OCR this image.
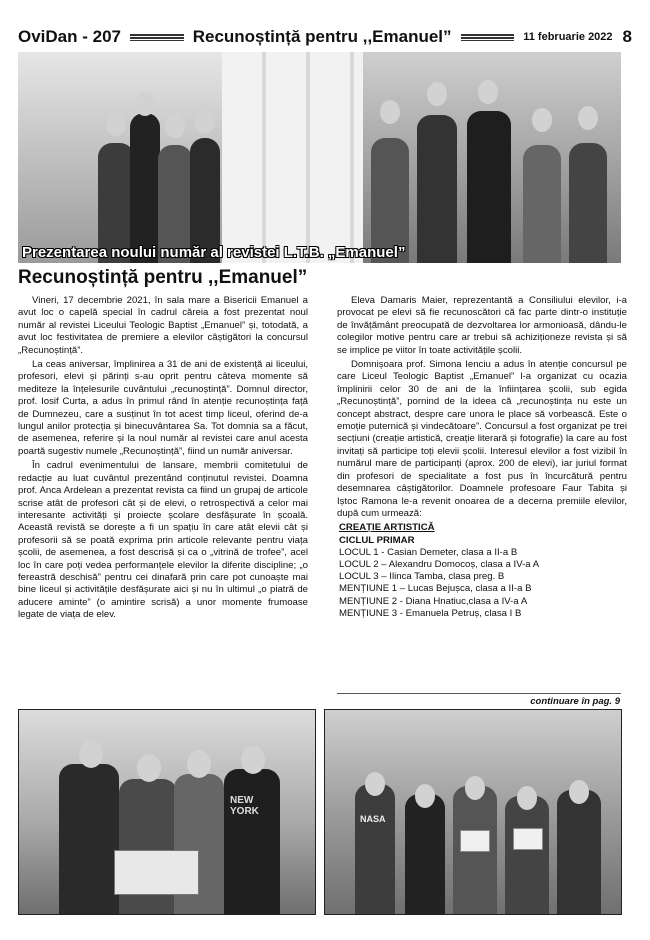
OviDan - 207	Recunoștință pentru ,,Emanuel”	11 februarie 2022 8
Prezentarea noului număr al revistei L.T.B. „Emanuel”
Recunoștință pentru ,,Emanuel”

Vineri, 17 decembrie 2021, în sala mare a Bisericii Emanuel a avut loc o capelă special în cadrul căreia a fost prezentat noul număr al revistei Liceului Teologic Baptist „Emanuel” și, totodată, a avut loc festivitatea de premiere a elevilor câștigători la concursul „Recunoștință”.

La ceas aniversar, împlinirea a 31 de ani de existență ai liceului, profesori, elevi și părinți s-au oprit pentru câteva momente să mediteze la înțelesurile cuvântului „recunoștință”. Domnul director, prof. Iosif Curta, a adus în primul rând în atenție recunoștința față de Dumnezeu, care a susținut în tot acest timp liceul, oferind de-a lungul anilor protecția și binecuvântarea Sa. Tot domnia sa a făcut, de asemenea, referire și la noul număr al revistei care anul acesta poartă sugestiv numele „Recunoștință”, fiind un număr aniversar.

În cadrul evenimentului de lansare, membrii comitetului de redacție au luat cuvântul prezentând conținutul revistei. Doamna prof. Anca Ardelean a prezentat revista ca fiind un grupaj de articole scrise atât de profesori cât și de elevi, o retrospectivă a celor mai interesante activități și proiecte școlare desfășurate în școală. Această revistă se dorește a fi un spațiu în care atât elevii cât și profesorii să se poată exprima prin articole relevante pentru viața școlii, de asemenea, a fost descrisă și ca o „vitrină de trofee”, acel loc în care poți vedea performanțele elevilor la diferite discipline; „o fereastră deschisă” pentru cei dinafară prin care pot cunoaște mai bine liceul și activitățile desfășurate aici și nu în ultimul „o piatră de aducere aminte” (o amintire scrisă) a unor momente frumoase legate de viața de elev.

Eleva Damaris Maier, reprezentantă a Consiliului elevilor, i-a provocat pe elevi să fie recunoscători că fac parte dintr-o instituție de învățământ preocupată de dezvoltarea lor armonioasă, dându-le colegilor motive pentru care ar trebui să achiziționeze revista și să se implice pe viitor în toate activitățile școlii.

Domnișoara prof. Simona Ienciu a adus în atenție concursul pe care Liceul Teologic Baptist „Emanuel” l-a organizat cu ocazia împlinirii celor 30 de ani de la înființarea școlii, sub egida „Recunoștință”, pornind de la ideea că „recunoștința nu este un concept abstract, despre care unora le place să vorbească. Este o emoție puternică și vindecătoare”. Concursul a fost organizat pe trei secțiuni (creație artistică, creație literară și fotografie) la care au fost invitați să participe toți elevii școlii. Interesul elevilor a fost vizibil în numărul mare de participanți (aprox. 200 de elevi), iar juriul format din profesori de specialitate a fost pus în încurcătură pentru desemnarea câștigătorilor. Doamnele profesoare Faur Tabita și Iștoc Ramona le-a revenit onoarea de a decerna premiile elevilor, după cum urmează:

CREAȚIE ARTISTICĂ
CICLUL PRIMAR
LOCUL 1 - Casian Demeter, clasa a II-a B
LOCUL 2 – Alexandru Domocoș, clasa a IV-a A
LOCUL 3 – Ilinca Tamba, clasa preg. B
MENȚIUNE 1 – Lucas Bejușca, clasa a II-a B
MENȚIUNE 2 - Diana Hnatiuc,clasa a IV-a A
MENȚIUNE 3 - Emanuela Petruș, clasa I B
continuare în pag. 9
NEW YORK
NASA
